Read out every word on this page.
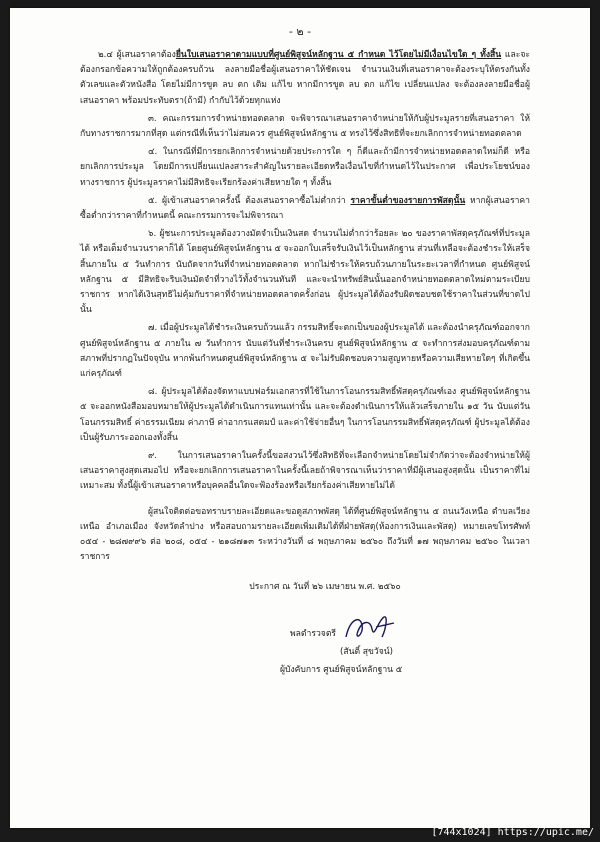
- ๒ -

๒.๔ ผู้เสนอราคาต้องยื่นใบเสนอราคาตามแบบที่ศูนย์พิสูจน์หลักฐาน ๕ กำหนด ไว้โดยไม่มีเงื่อนไขใด ๆ ทั้งสิ้น และจะต้องกรอกข้อความให้ถูกต้องครบถ้วน ลงลายมือชื่อผู้เสนอราคาให้ชัดเจน จำนวนเงินที่เสนอราคาจะต้องระบุให้ตรงกันทั้งตัวเลขและตัวหนังสือ โดยไม่มีการขูด ลบ ตก เติม แก้ไข หากมีการขูด ลบ ตก แก้ไข เปลี่ยนแปลง จะต้องลงลายมือชื่อผู้เสนอราคา พร้อมประทับตรา(ถ้ามี) กำกับไว้ด้วยทุกแห่ง

๓. คณะกรรมการจำหน่ายทอดตลาด จะพิจารณาเสนอราคาจำหน่ายให้กับผู้ประมูลรายที่เสนอราคา ให้กับทางราชการมากที่สุด แต่กรณีที่เห็นว่าไม่สมควร ศูนย์พิสูจน์หลักฐาน ๕ ทรงไว้ซึ่งสิทธิที่จะยกเลิกการจำหน่ายทอดตลาด

๔. ในกรณีที่มีการยกเลิกการจำหน่ายด้วยประการใด ๆ ก็ดีและถ้ามีการจำหน่ายทอดตลาดใหม่ก็ดี หรือยกเลิกการประมูล โดยมีการเปลี่ยนแปลงสาระสำคัญในรายละเอียดหรือเงื่อนไขที่กำหนดไว้ในประกาศ เพื่อประโยชน์ของทางราชการ ผู้ประมูลราคาไม่มีสิทธิจะเรียกร้องค่าเสียหายใด ๆ ทั้งสิ้น

๕. ผู้เข้าเสนอราคาครั้งนี้ ต้องเสนอราคาซื้อไม่ต่ำกว่า ราคาขั้นต่ำของรายการพัสดุนั้น หากผู้เสนอราคาซื้อต่ำกว่าราคาที่กำหนดนี้ คณะกรรมการจะไม่พิจารณา

๖. ผู้ชนะการประมูลต้องวางมัดจำเป็นเงินสด จำนวนไม่ต่ำกว่าร้อยละ ๒๐ ของราคาพัสดุครุภัณฑ์ที่ประมูลได้ หรือเต็มจำนวนราคาก็ได้ โดยศูนย์พิสูจน์หลักฐาน ๕ จะออกใบเสร็จรับเงินไว้เป็นหลักฐาน ส่วนที่เหลือจะต้องชำระให้เสร็จสิ้นภายใน ๕ วันทำการ นับถัดจากวันที่จำหน่ายทอดตลาด หากไม่ชำระให้ครบถ้วนภายในระยะเวลาที่กำหนด ศูนย์พิสูจน์หลักฐาน ๕ มีสิทธิจะริบเงินมัดจำที่วางไว้ทั้งจำนวนทันที และจะนำทรัพย์สินนั้นออกจำหน่ายทอดตลาดใหม่ตามระเบียบราชการ หากได้เงินสุทธิไม่คุ้มกับราคาที่จำหน่ายทอดตลาดครั้งก่อน ผู้ประมูลได้ต้องรับผิดชอบชดใช้ราคาในส่วนที่ขาดไปนั้น

๗. เมื่อผู้ประมูลได้ชำระเงินครบถ้วนแล้ว กรรมสิทธิ์จะตกเป็นของผู้ประมูลได้ และต้องนำครุภัณฑ์ออกจากศูนย์พิสูจน์หลักฐาน ๕ ภายใน ๗ วันทำการ นับแต่วันที่ชำระเงินครบ ศูนย์พิสูจน์หลักฐาน ๕ จะทำการส่งมอบครุภัณฑ์ตามสภาพที่ปรากฏในปัจจุบัน หากพ้นกำหนดศูนย์พิสูจน์หลักฐาน ๕ จะไม่รับผิดชอบความสูญหายหรือความเสียหายใดๆ ที่เกิดขึ้นแก่ครุภัณฑ์

๘. ผู้ประมูลได้ต้องจัดหาแบบฟอร์มเอกสารที่ใช้ในการโอนกรรมสิทธิ์พัสดุครุภัณฑ์เอง ศูนย์พิสูจน์หลักฐาน ๕ จะออกหนังสือมอบหมายให้ผู้ประมูลได้ดำเนินการแทนเท่านั้น และจะต้องดำเนินการให้แล้วเสร็จภายใน ๑๕ วัน นับแต่วันโอนกรรมสิทธิ์ ค่าธรรมเนียม ค่าภาษี ค่าอากรแสตมป์ และค่าใช้จ่ายอื่นๆ ในการโอนกรรมสิทธิ์พัสดุครุภัณฑ์ ผู้ประมูลได้ต้องเป็นผู้รับภาระออกเองทั้งสิ้น

๙. ในการเสนอราคาในครั้งนี้ขอสงวนไว้ซึ่งสิทธิที่จะเลือกจำหน่ายโดยไม่จำกัดว่าจะต้องจำหน่ายให้ผู้เสนอราคาสูงสุดเสมอไป หรือจะยกเลิกการเสนอราคาในครั้งนี้เลยถ้าพิจารณาเห็นว่าราคาที่มีผู้เสนอสูงสุดนั้น เป็นราคาที่ไม่เหมาะสม ทั้งนี้ผู้เข้าเสนอราคาหรือบุคคลอื่นใดจะฟ้องร้องหรือเรียกร้องค่าเสียหายไม่ได้

ผู้สนใจติดต่อขอทราบรายละเอียดและขอดูสภาพพัสดุ ได้ที่ศูนย์พิสูจน์หลักฐาน ๕ ถนนวังเหนือ ตำบลเวียงเหนือ อำเภอเมือง จังหวัดลำปาง หรือสอบถามรายละเอียดเพิ่มเติมได้ที่ฝ่ายพัสดุ(ห้องการเงินและพัสดุ) หมายเลขโทรศัพท์ ๐๕๔ - ๒๘๗๙๙๖ ต่อ ๒๐๘, ๐๕๔ - ๒๑๘๗๑๓ ระหว่างวันที่ ๘ พฤษภาคม ๒๕๖๐ ถึงวันที่ ๑๗ พฤษภาคม ๒๕๖๐ ในเวลาราชการ

ประกาศ ณ วันที่ ๒๖ เมษายน พ.ศ. ๒๕๖๐
พลตำรวจตรี
(สันติ์ สุขวัจน์)
ผู้บังคับการ ศูนย์พิสูจน์หลักฐาน ๕
[744x1024] https://upic.me/
